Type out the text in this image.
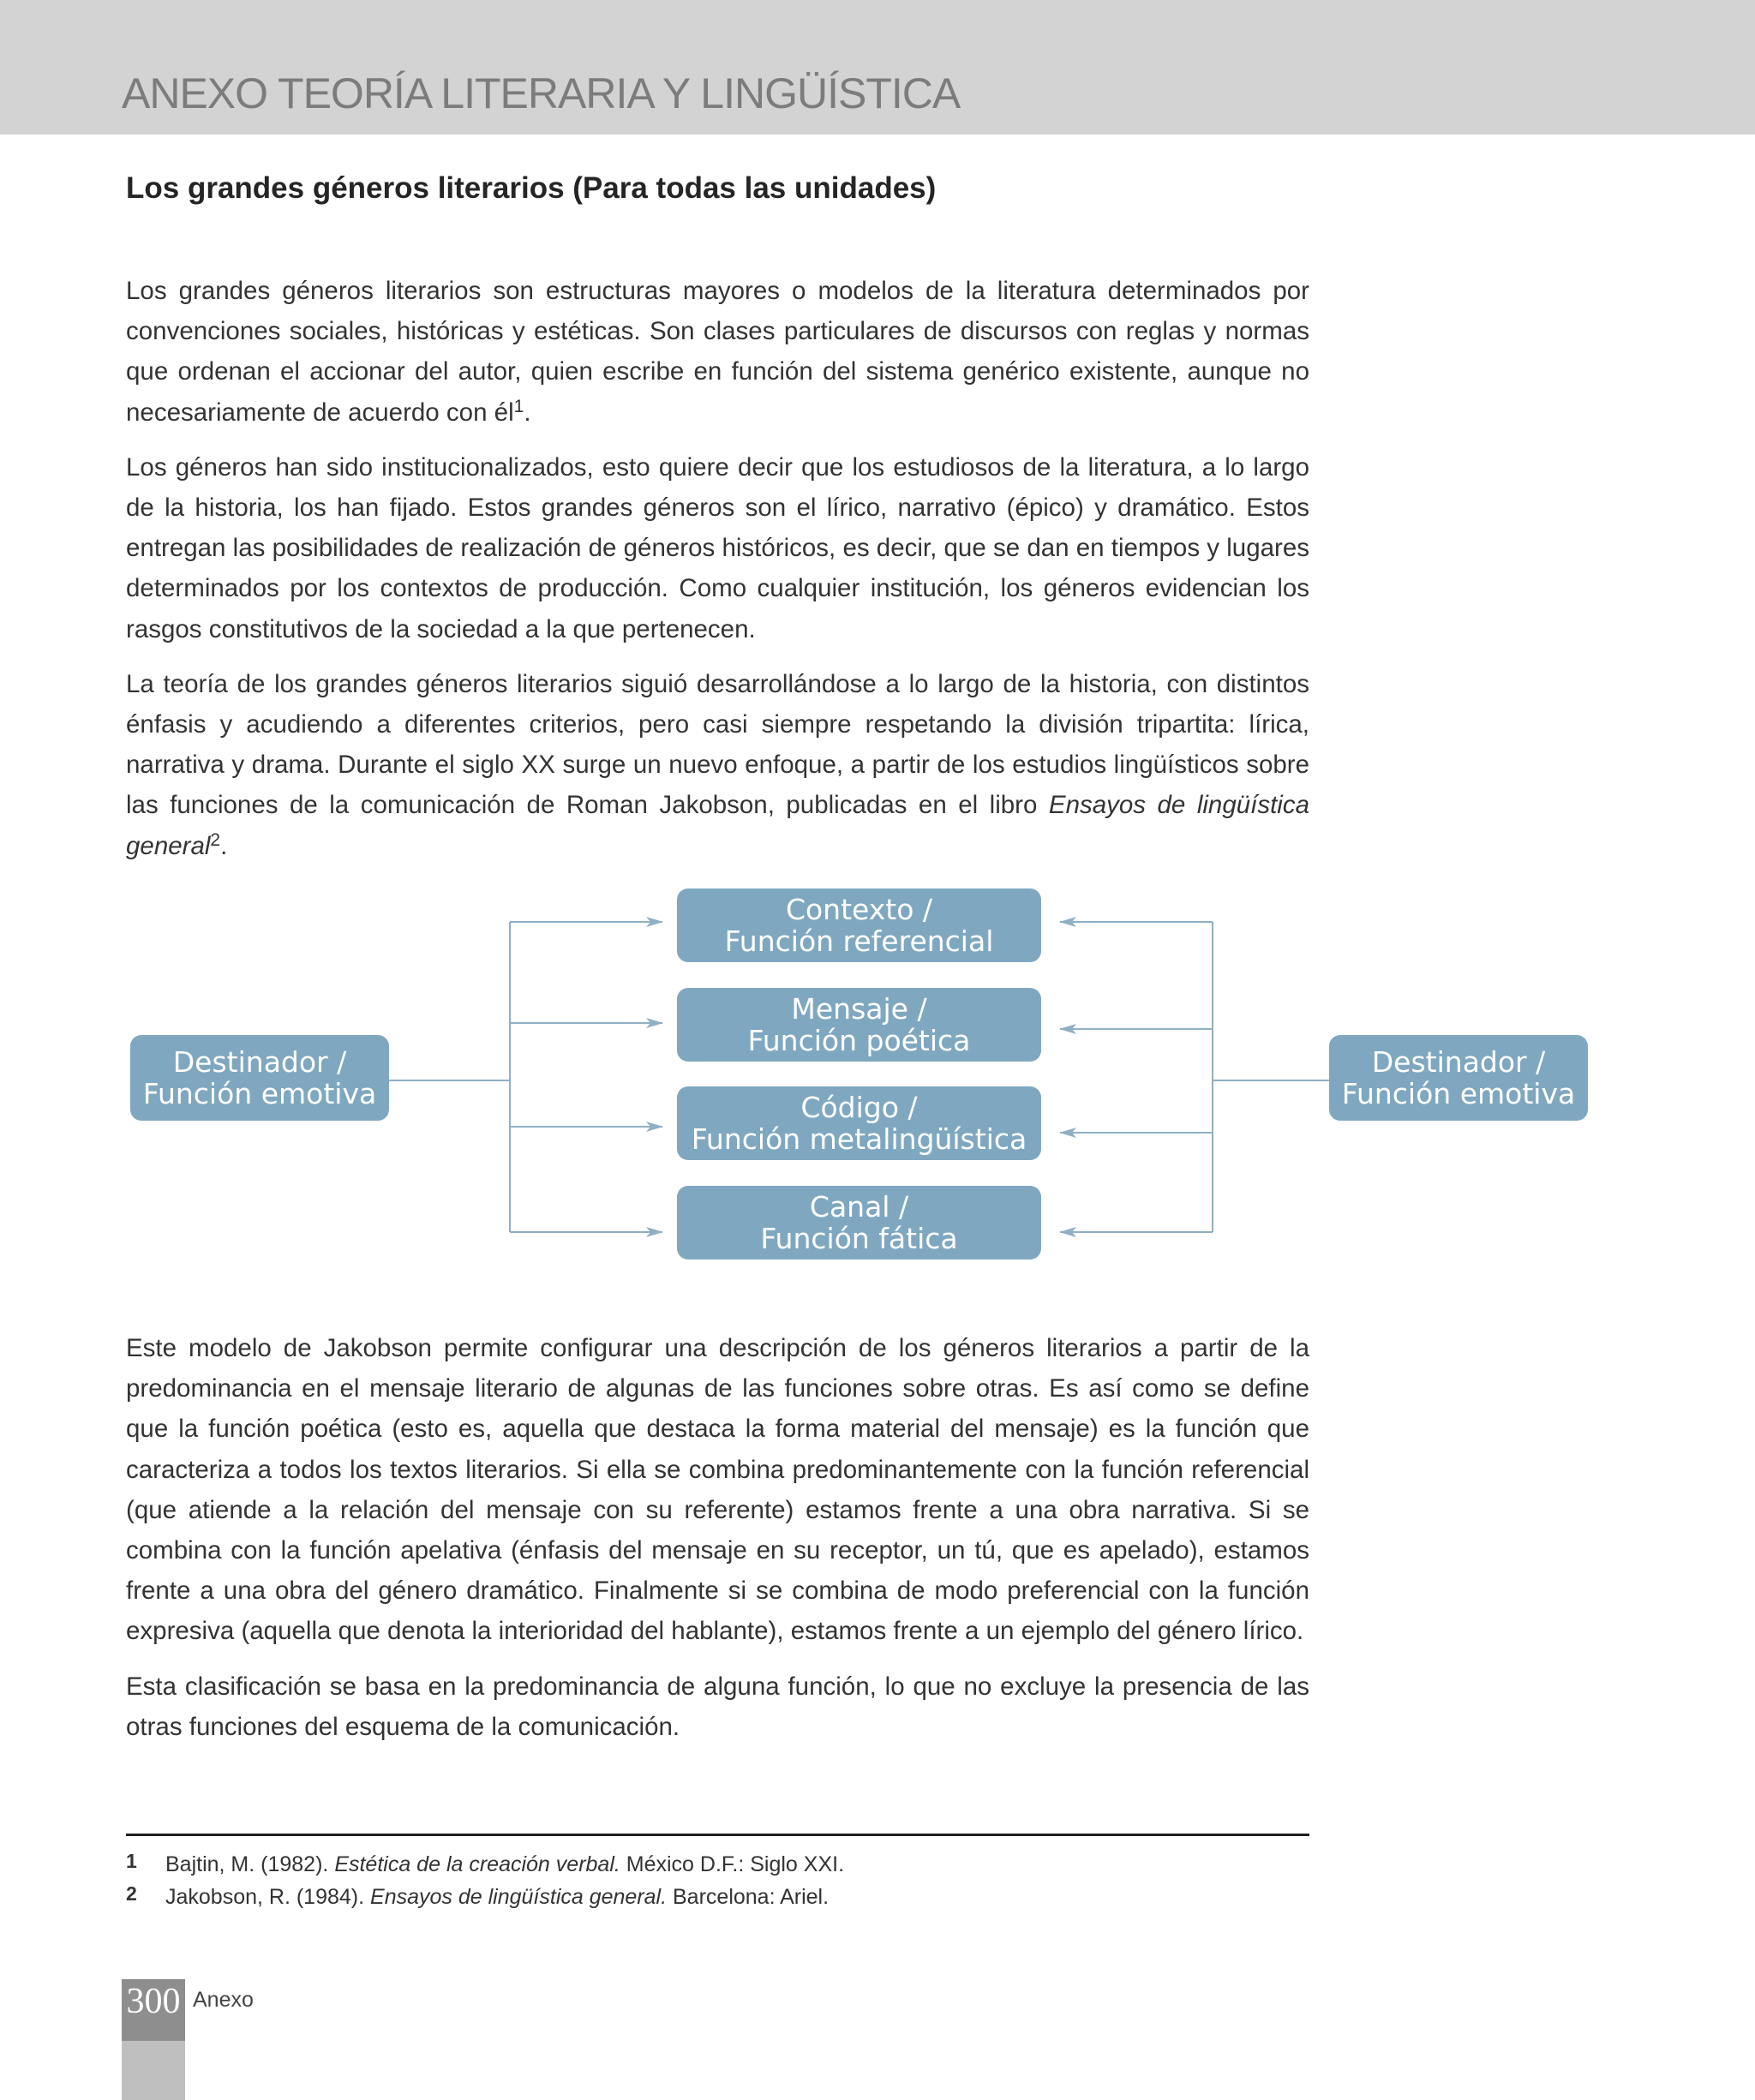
ANEXO TEORÍA LITERARIA Y LINGÜÍSTICA
Los grandes géneros literarios (Para todas las unidades)

Los grandes géneros literarios son estructuras mayores o modelos de la literatura determinados por convenciones sociales, históricas y estéticas. Son clases particulares de discursos con reglas y normas que ordenan el accionar del autor, quien escribe en función del sistema genérico existente, aunque no necesariamente de acuerdo con $él^1$.

Los géneros han sido institucionalizados, esto quiere decir que los estudiosos de la literatura, a lo largo de la historia, los han fijado. Estos grandes géneros son el lírico, narrativo (épico) y dramático. Estos entregan las posibilidades de realización de géneros históricos, es decir, que se dan en tiempos y lugares determinados por los contextos de producción. Como cualquier institución, los géneros evidencian los rasgos constitutivos de la sociedad a la que pertenecen.

La teoría de los grandes géneros literarios siguió desarrollándose a lo largo de la historia, con distintos énfasis y acudiendo a diferentes criterios, pero casi siempre respetando la división tripartita: lírica, narrativa y drama. Durante el siglo XX surge un nuevo enfoque, a partir de los estudios lingüísticos sobre las funciones de la comunicación de Roman Jakobson, publicadas en el libro Ensayos de lingüística general$^2$.

Destinador /
Función emotiva
Destinador /
Función emotiva
Contexto /
Función referencial
Mensaje /
Función poética
Código /
Función metalingüística
Canal /
Función fática

Este modelo de Jakobson permite configurar una descripción de los géneros literarios a partir de la predominancia en el mensaje literario de algunas de las funciones sobre otras. Es así como se define que la función poética (esto es, aquella que destaca la forma material del mensaje) es la función que caracteriza a todos los textos literarios. Si ella se combina predominantemente con la función referencial (que atiende a la relación del mensaje con su referente) estamos frente a una obra narrativa. Si se combina con la función apelativa (énfasis del mensaje en su receptor, un tú, que es apelado), estamos frente a una obra del género dramático. Finalmente si se combina de modo preferencial con la función expresiva (aquella que denota la interioridad del hablante), estamos frente a un ejemplo del género lírico.

Esta clasificación se basa en la predominancia de alguna función, lo que no excluye la presencia de las otras funciones del esquema de la comunicación.

1 Bajtin, M. (1982). Estética de la creación verbal. México D.F.: Siglo XXI.
2 Jakobson, R. (1984). Ensayos de lingüística general. Barcelona: Ariel.
300 Anexo
